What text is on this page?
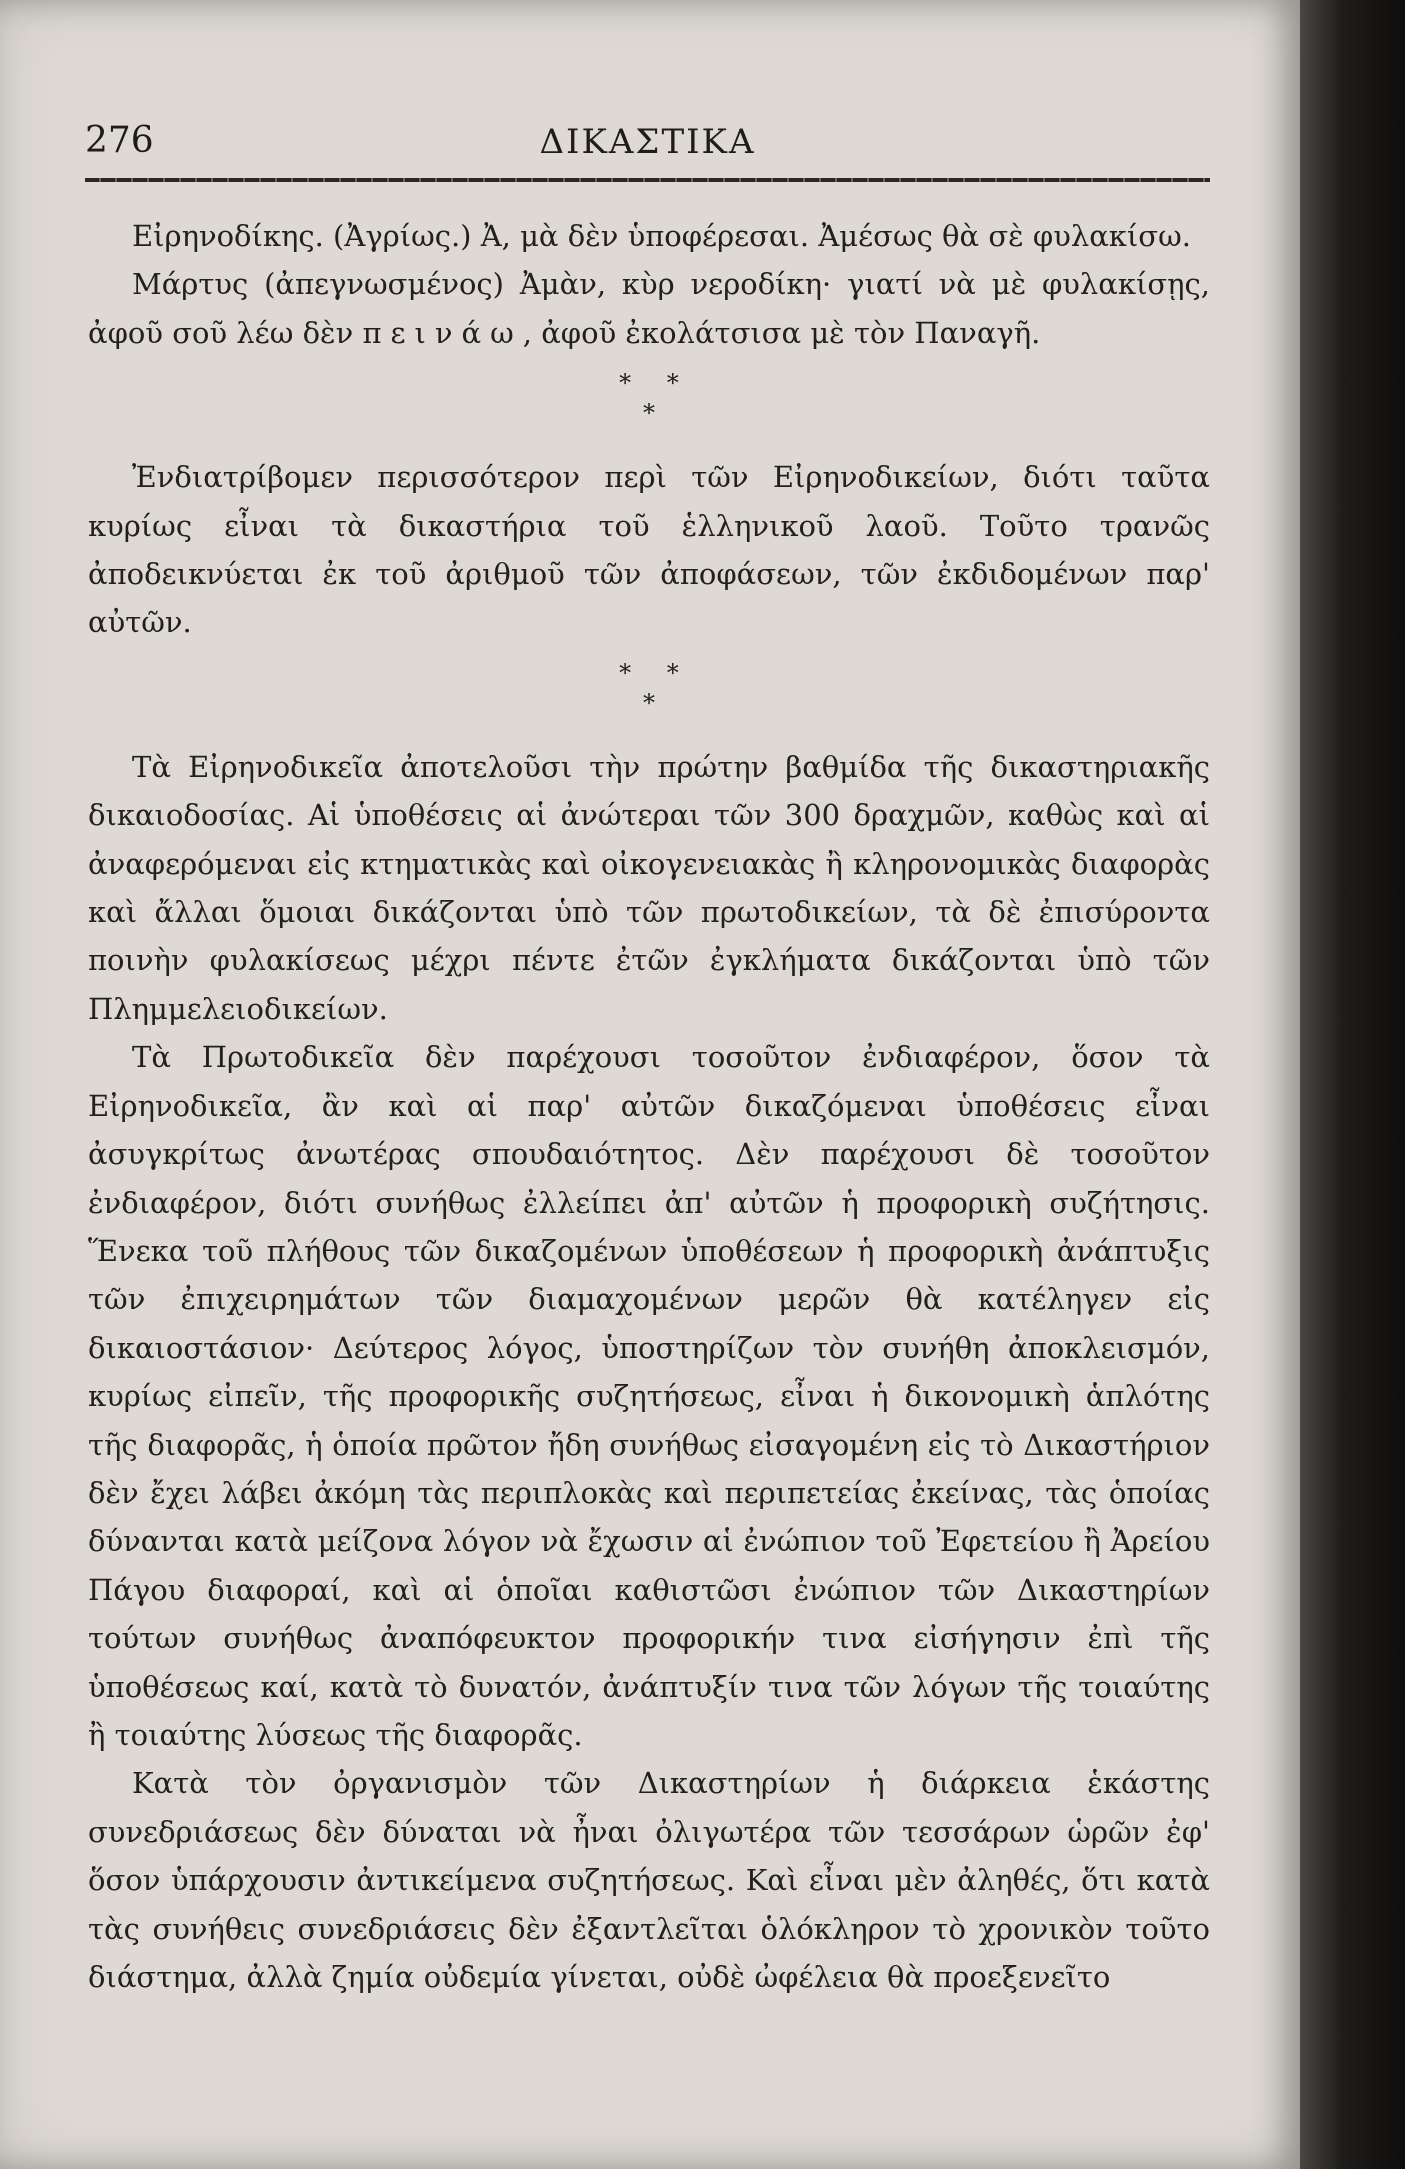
276	ΔΙΚΑΣΤΙΚΑ

Εἰρηνοδίκης. (Ἀγρίως.) Ἀ, μὰ δὲν ὑποφέρεσαι. Ἀμέσως θὰ σὲ φυλακίσω.

Μάρτυς (ἀπεγνωσμένος) Ἀμὰν, κὺρ νεροδίκη· γιατί νὰ μὲ φυλακίσῃς, ἀφοῦ σοῦ λέω δὲν πεινάω, ἀφοῦ ἐκολάτσισα μὲ τὸν Παναγῆ.

* *
*

Ἐνδιατρίβομεν περισσότερον περὶ τῶν Εἰρηνοδικείων, διότι ταῦτα κυρίως εἶναι τὰ δικαστήρια τοῦ ἑλληνικοῦ λαοῦ. Τοῦτο τρανῶς ἀποδεικνύεται ἐκ τοῦ ἀριθμοῦ τῶν ἀποφάσεων, τῶν ἐκδιδομένων παρ' αὐτῶν.

* *
*

Τὰ Εἰρηνοδικεῖα ἀποτελοῦσι τὴν πρώτην βαθμίδα τῆς δικαστηριακῆς δικαιοδοσίας. Αἱ ὑποθέσεις αἱ ἀνώτεραι τῶν 300 δραχμῶν, καθὼς καὶ αἱ ἀναφερόμεναι εἰς κτηματικὰς καὶ οἰκογενειακὰς ἢ κληρονομικὰς διαφορὰς καὶ ἄλλαι ὅμοιαι δικάζονται ὑπὸ τῶν πρωτοδικείων, τὰ δὲ ἐπισύροντα ποινὴν φυλακίσεως μέχρι πέντε ἐτῶν ἐγκλήματα δικάζονται ὑπὸ τῶν Πλημμελειοδικείων.

Τὰ Πρωτοδικεῖα δὲν παρέχουσι τοσοῦτον ἐνδιαφέρον, ὅσον τὰ Εἰρηνοδικεῖα, ἂν καὶ αἱ παρ' αὐτῶν δικαζόμεναι ὑποθέσεις εἶναι ἀσυγκρίτως ἀνωτέρας σπουδαιότητος. Δὲν παρέχουσι δὲ τοσοῦτον ἐνδιαφέρον, διότι συνήθως ἐλλείπει ἀπ' αὐτῶν ἡ προφορικὴ συζήτησις. Ἕνεκα τοῦ πλήθους τῶν δικαζομένων ὑποθέσεων ἡ προφορικὴ ἀνάπτυξις τῶν ἐπιχειρημάτων τῶν διαμαχομένων μερῶν θὰ κατέληγεν εἰς δικαιοστάσιον· Δεύτερος λόγος, ὑποστηρίζων τὸν συνήθη ἀποκλεισμόν, κυρίως εἰπεῖν, τῆς προφορικῆς συζητήσεως, εἶναι ἡ δικονομικὴ ἁπλότης τῆς διαφορᾶς, ἡ ὁποία πρῶτον ἤδη συνήθως εἰσαγομένη εἰς τὸ Δικαστήριον δὲν ἔχει λάβει ἀκόμη τὰς περιπλοκὰς καὶ περιπετείας ἐκείνας, τὰς ὁποίας δύνανται κατὰ μείζονα λόγον νὰ ἔχωσιν αἱ ἐνώπιον τοῦ Ἐφετείου ἢ Ἀρείου Πάγου διαφοραί, καὶ αἱ ὁποῖαι καθιστῶσι ἐνώπιον τῶν Δικαστηρίων τούτων συνήθως ἀναπόφευκτον προφορικήν τινα εἰσήγησιν ἐπὶ τῆς ὑποθέσεως καί, κατὰ τὸ δυνατόν, ἀνάπτυξίν τινα τῶν λόγων τῆς τοιαύτης ἢ τοιαύτης λύσεως τῆς διαφορᾶς.

Κατὰ τὸν ὀργανισμὸν τῶν Δικαστηρίων ἡ διάρκεια ἑκάστης συνεδριάσεως δὲν δύναται νὰ ἦναι ὀλιγωτέρα τῶν τεσσάρων ὡρῶν ἐφ' ὅσον ὑπάρχουσιν ἀντικείμενα συζητήσεως. Καὶ εἶναι μὲν ἀληθές, ὅτι κατὰ τὰς συνήθεις συνεδριάσεις δὲν ἐξαντλεῖται ὁλόκληρον τὸ χρονικὸν τοῦτο διάστημα, ἀλλὰ ζημία οὐδεμία γίνεται, οὐδὲ ὠφέλεια θὰ προεξενεῖτο
